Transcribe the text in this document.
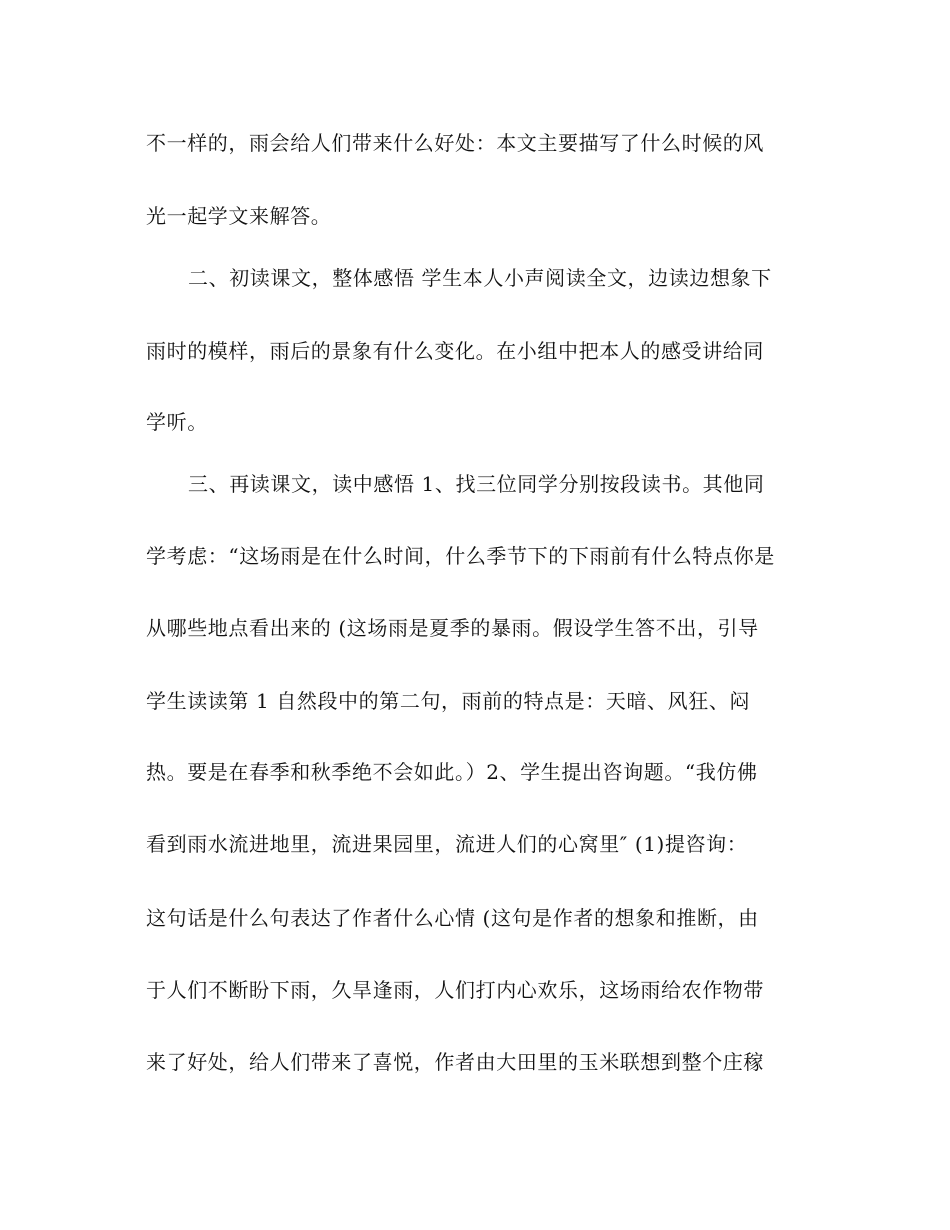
不一样的，雨会给人们带来什么好处：本文主要描写了什么时候的风
光一起学文来解答。
二、初读课文，整体感悟 学生本人小声阅读全文，边读边想象下
雨时的模样，雨后的景象有什么变化。在小组中把本人的感受讲给同
学听。
三、再读课文，读中感悟 1、找三位同学分别按段读书。其他同
学考虑：“这场雨是在什么时间，什么季节下的下雨前有什么特点你是
从哪些地点看出来的 (这场雨是夏季的暴雨。假设学生答不出，引导
学生读读第 1 自然段中的第二句，雨前的特点是：天暗、风狂、闷
热。要是在春季和秋季绝不会如此。）2、学生提出咨询题。“我仿佛
看到雨水流进地里，流进果园里，流进人们的心窝里″ (1)提咨询：
这句话是什么句表达了作者什么心情 (这句是作者的想象和推断，由
于人们不断盼下雨，久旱逢雨，人们打内心欢乐，这场雨给农作物带
来了好处，给人们带来了喜悦，作者由大田里的玉米联想到整个庄稼
